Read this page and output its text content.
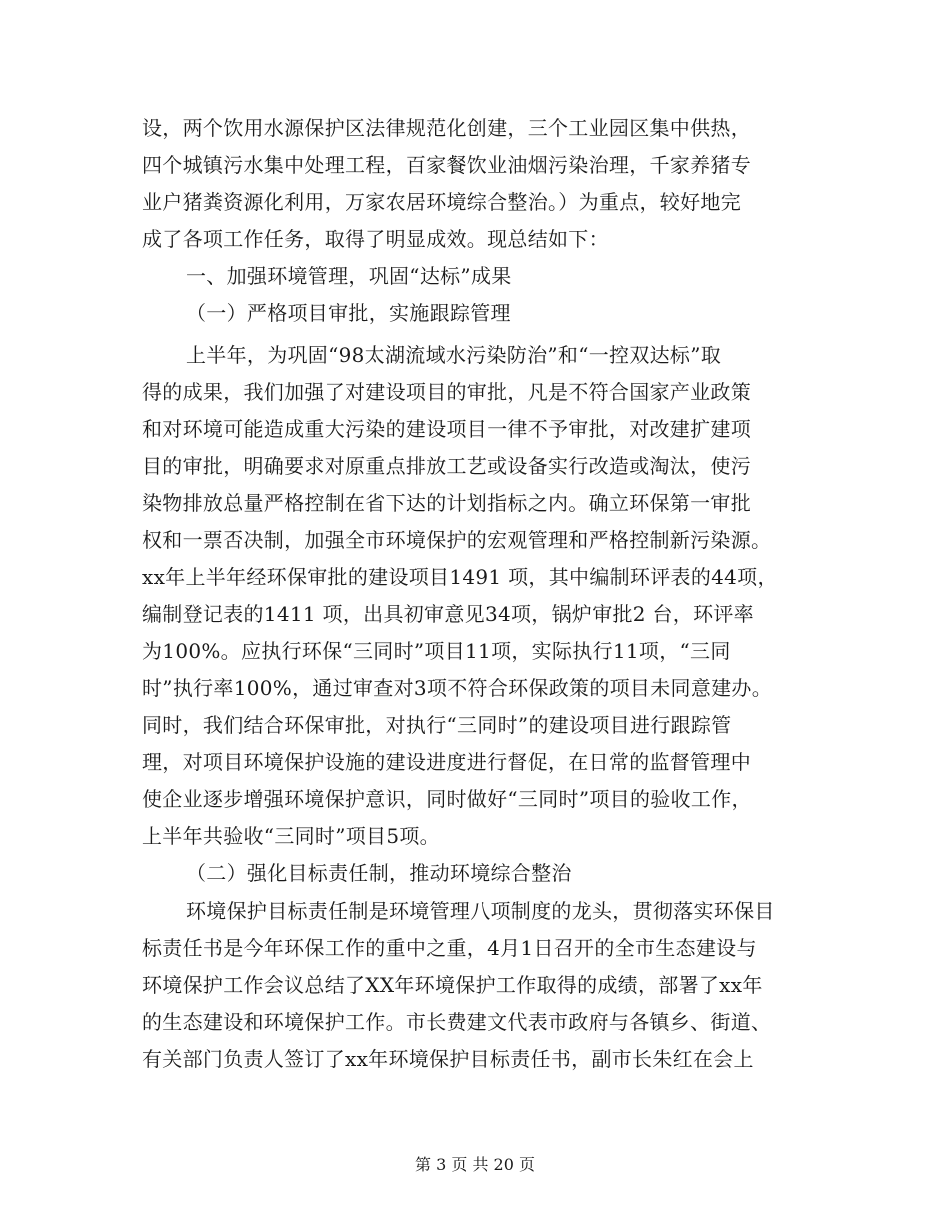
设，两个饮用水源保护区法律规范化创建，三个工业园区集中供热，
四个城镇污水集中处理工程，百家餐饮业油烟污染治理，千家养猪专
业户猪粪资源化利用，万家农居环境综合整治。）为重点，较好地完
成了各项工作任务，取得了明显成效。现总结如下：
一、加强环境管理，巩固“达标”成果
（一）严格项目审批，实施跟踪管理
上半年，为巩固“98太湖流域水污染防治”和“一控双达标”取
得的成果，我们加强了对建设项目的审批，凡是不符合国家产业政策
和对环境可能造成重大污染的建设项目一律不予审批，对改建扩建项
目的审批，明确要求对原重点排放工艺或设备实行改造或淘汰，使污
染物排放总量严格控制在省下达的计划指标之内。确立环保第一审批
权和一票否决制，加强全市环境保护的宏观管理和严格控制新污染源。
xx年上半年经环保审批的建设项目1491 项，其中编制环评表的44项，
编制登记表的1411 项，出具初审意见34项，锅炉审批2 台，环评率
为100%。应执行环保“三同时”项目11项，实际执行11项，“三同
时”执行率100%，通过审查对3项不符合环保政策的项目未同意建办。
同时，我们结合环保审批，对执行“三同时”的建设项目进行跟踪管
理，对项目环境保护设施的建设进度进行督促，在日常的监督管理中
使企业逐步增强环境保护意识，同时做好“三同时”项目的验收工作，
上半年共验收“三同时”项目5项。
（二）强化目标责任制，推动环境综合整治
环境保护目标责任制是环境管理八项制度的龙头，贯彻落实环保目
标责任书是今年环保工作的重中之重，4月1日召开的全市生态建设与
环境保护工作会议总结了XX年环境保护工作取得的成绩，部署了xx年
的生态建设和环境保护工作。市长费建文代表市政府与各镇乡、街道、
有关部门负责人签订了xx年环境保护目标责任书，副市长朱红在会上
第 3 页 共 20 页
